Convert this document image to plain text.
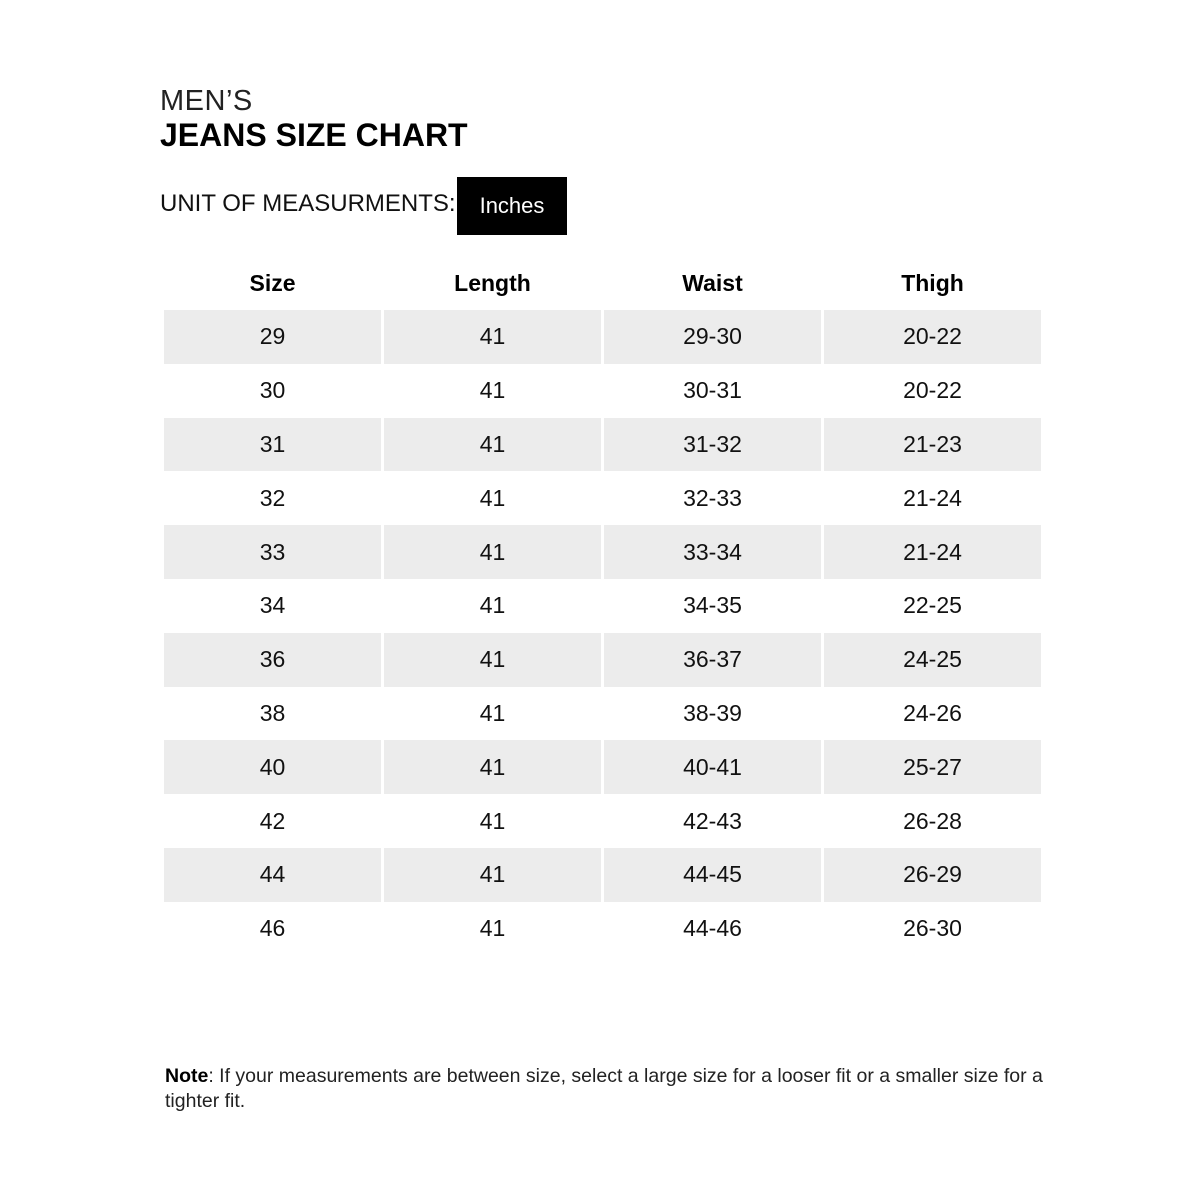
MEN’S
JEANS SIZE CHART
UNIT OF MEASURMENTS:	Inches
Size	Length	Waist	Thigh
29	41	29-30	20-22
30	41	30-31	20-22
31	41	31-32	21-23
32	41	32-33	21-24
33	41	33-34	21-24
34	41	34-35	22-25
36	41	36-37	24-25
38	41	38-39	24-26
40	41	40-41	25-27
42	41	42-43	26-28
44	41	44-45	26-29
46	41	44-46	26-30
Note: If your measurements are between size, select a large size for a looser fit or a smaller size for a tighter fit.
